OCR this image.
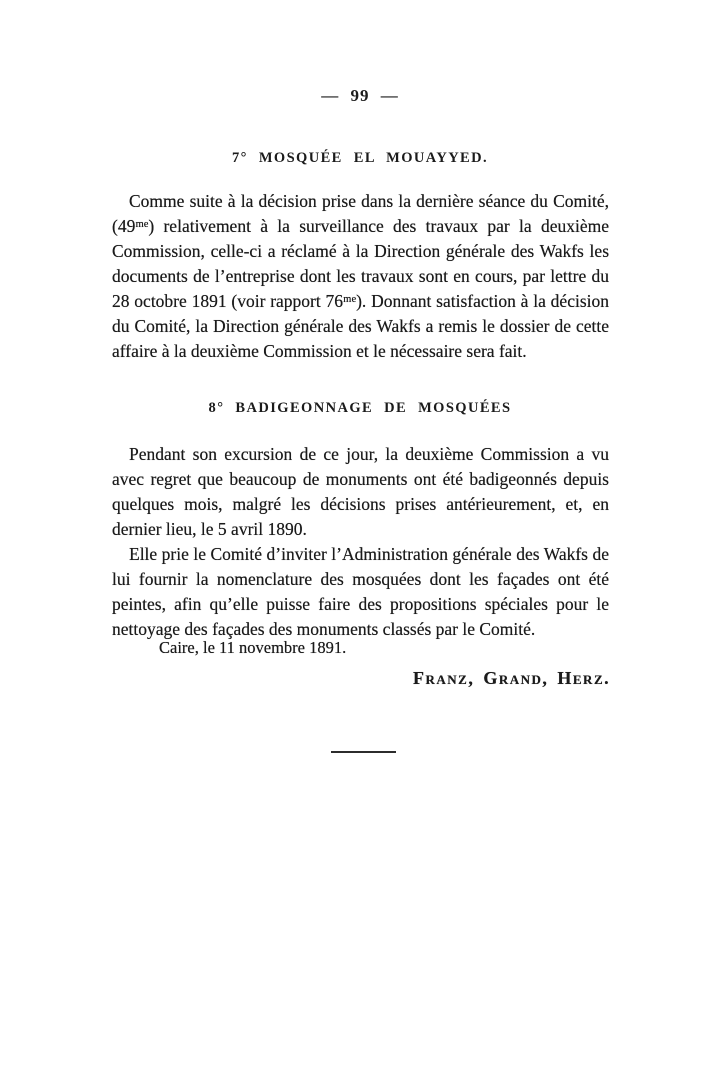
— 99 —
7° MOSQUÉE EL MOUAYYED.

Comme suite à la décision prise dans la dernière séance du Comité, (49ᵐᵉ) relativement à la surveillance des travaux par la deuxième Commission, celle-ci a réclamé à la Direction générale des Wakfs les documents de l’entreprise dont les travaux sont en cours, par lettre du 28 octobre 1891 (voir rapport 76ᵐᵉ). Donnant satisfaction à la décision du Comité, la Direction générale des Wakfs a remis le dossier de cette affaire à la deuxième Commission et le nécessaire sera fait.

8° BADIGEONNAGE DE MOSQUÉES

Pendant son excursion de ce jour, la deuxième Commission a vu avec regret que beaucoup de monuments ont été badigeonnés depuis quelques mois, malgré les décisions prises antérieurement, et, en dernier lieu, le 5 avril 1890.

Elle prie le Comité d’inviter l’Administration générale des Wakfs de lui fournir la nomenclature des mosquées dont les façades ont été peintes, afin qu’elle puisse faire des propositions spéciales pour le nettoyage des façades des monuments classés par le Comité.

Caire, le 11 novembre 1891.
Franz, Grand, Herz.
